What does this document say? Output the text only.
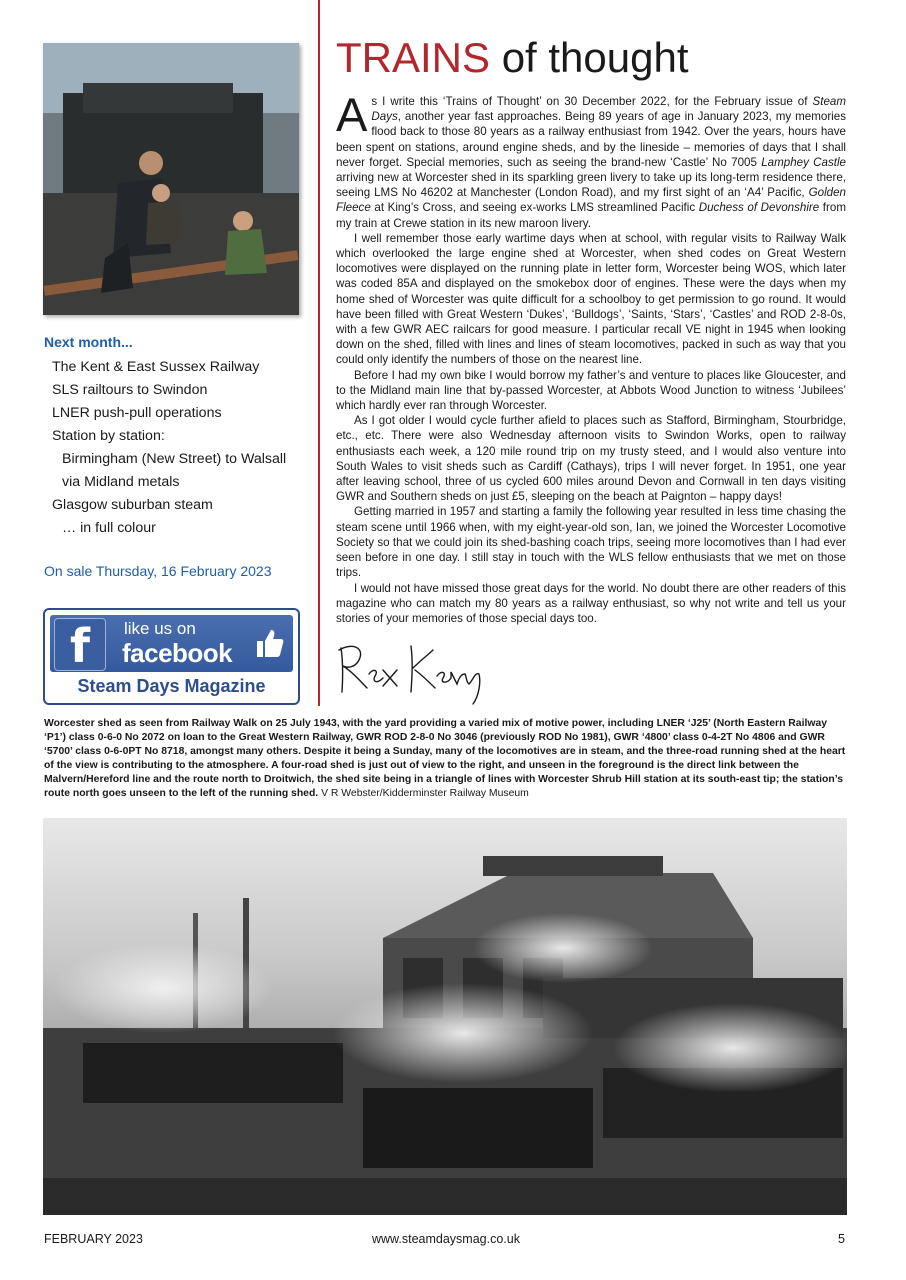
Next month...
The Kent & East Sussex Railway
SLS railtours to Swindon
LNER push-pull operations
Station by station:
Birmingham (New Street) to Walsall
via Midland metals
Glasgow suburban steam
… in full colour
On sale Thursday, 16 February 2023
f	like us on
facebook
Steam Days Magazine
TRAINS of thought

As I write this ‘Trains of Thought’ on 30 December 2022, for the February issue of Steam Days, another year fast approaches. Being 89 years of age in January 2023, my memories flood back to those 80 years as a railway enthusiast from 1942. Over the years, hours have been spent on stations, around engine sheds, and by the lineside – memories of days that I shall never forget. Special memories, such as seeing the brand-new ‘Castle’ No 7005 Lamphey Castle arriving new at Worcester shed in its sparkling green livery to take up its long-term residence there, seeing LMS No 46202 at Manchester (London Road), and my first sight of an ‘A4’ Pacific, Golden Fleece at King’s Cross, and seeing ex-works LMS streamlined Pacific Duchess of Devonshire from my train at Crewe station in its new maroon livery.

I well remember those early wartime days when at school, with regular visits to Railway Walk which overlooked the large engine shed at Worcester, when shed codes on Great Western locomotives were displayed on the running plate in letter form, Worcester being WOS, which later was coded 85A and displayed on the smokebox door of engines. These were the days when my home shed of Worcester was quite difficult for a schoolboy to get permission to go round. It would have been filled with Great Western ‘Dukes’, ‘Bulldogs’, ‘Saints, ‘Stars’, ‘Castles’ and ROD 2-8-0s, with a few GWR AEC railcars for good measure. I particular recall VE night in 1945 when looking down on the shed, filled with lines and lines of steam locomotives, packed in such as way that you could only identify the numbers of those on the nearest line.

Before I had my own bike I would borrow my father’s and venture to places like Gloucester, and to the Midland main line that by-passed Worcester, at Abbots Wood Junction to witness ‘Jubilees’ which hardly ever ran through Worcester.

As I got older I would cycle further afield to places such as Stafford, Birmingham, Stourbridge, etc., etc. There were also Wednesday afternoon visits to Swindon Works, open to railway enthusiasts each week, a 120 mile round trip on my trusty steed, and I would also venture into South Wales to visit sheds such as Cardiff (Cathays), trips I will never forget. In 1951, one year after leaving school, three of us cycled 600 miles around Devon and Cornwall in ten days visiting GWR and Southern sheds on just £5, sleeping on the beach at Paignton – happy days!

Getting married in 1957 and starting a family the following year resulted in less time chasing the steam scene until 1966 when, with my eight-year-old son, Ian, we joined the Worcester Locomotive Society so that we could join its shed-bashing coach trips, seeing more locomotives than I had ever seen before in one day. I still stay in touch with the WLS fellow enthusiasts that we met on those trips.

I would not have missed those great days for the world. No doubt there are other readers of this magazine who can match my 80 years as a railway enthusiast, so why not write and tell us your stories of your memories of those special days too.

Worcester shed as seen from Railway Walk on 25 July 1943, with the yard providing a varied mix of motive power, including LNER ‘J25’ (North Eastern Railway ‘P1’) class 0-6-0 No 2072 on loan to the Great Western Railway, GWR ROD 2-8-0 No 3046 (previously ROD No 1981), GWR ‘4800’ class 0-4-2T No 4806 and GWR ‘5700’ class 0-6-0PT No 8718, amongst many others. Despite it being a Sunday, many of the locomotives are in steam, and the three-road running shed at the heart of the view is contributing to the atmosphere. A four-road shed is just out of view to the right, and unseen in the foreground is the direct link between the Malvern/Hereford line and the route north to Droitwich, the shed site being in a triangle of lines with Worcester Shrub Hill station at its south-east tip; the station’s route north goes unseen to the left of the running shed. V R Webster/Kidderminster Railway Museum
FEBRUARY 2023	www.steamdaysmag.co.uk	5
